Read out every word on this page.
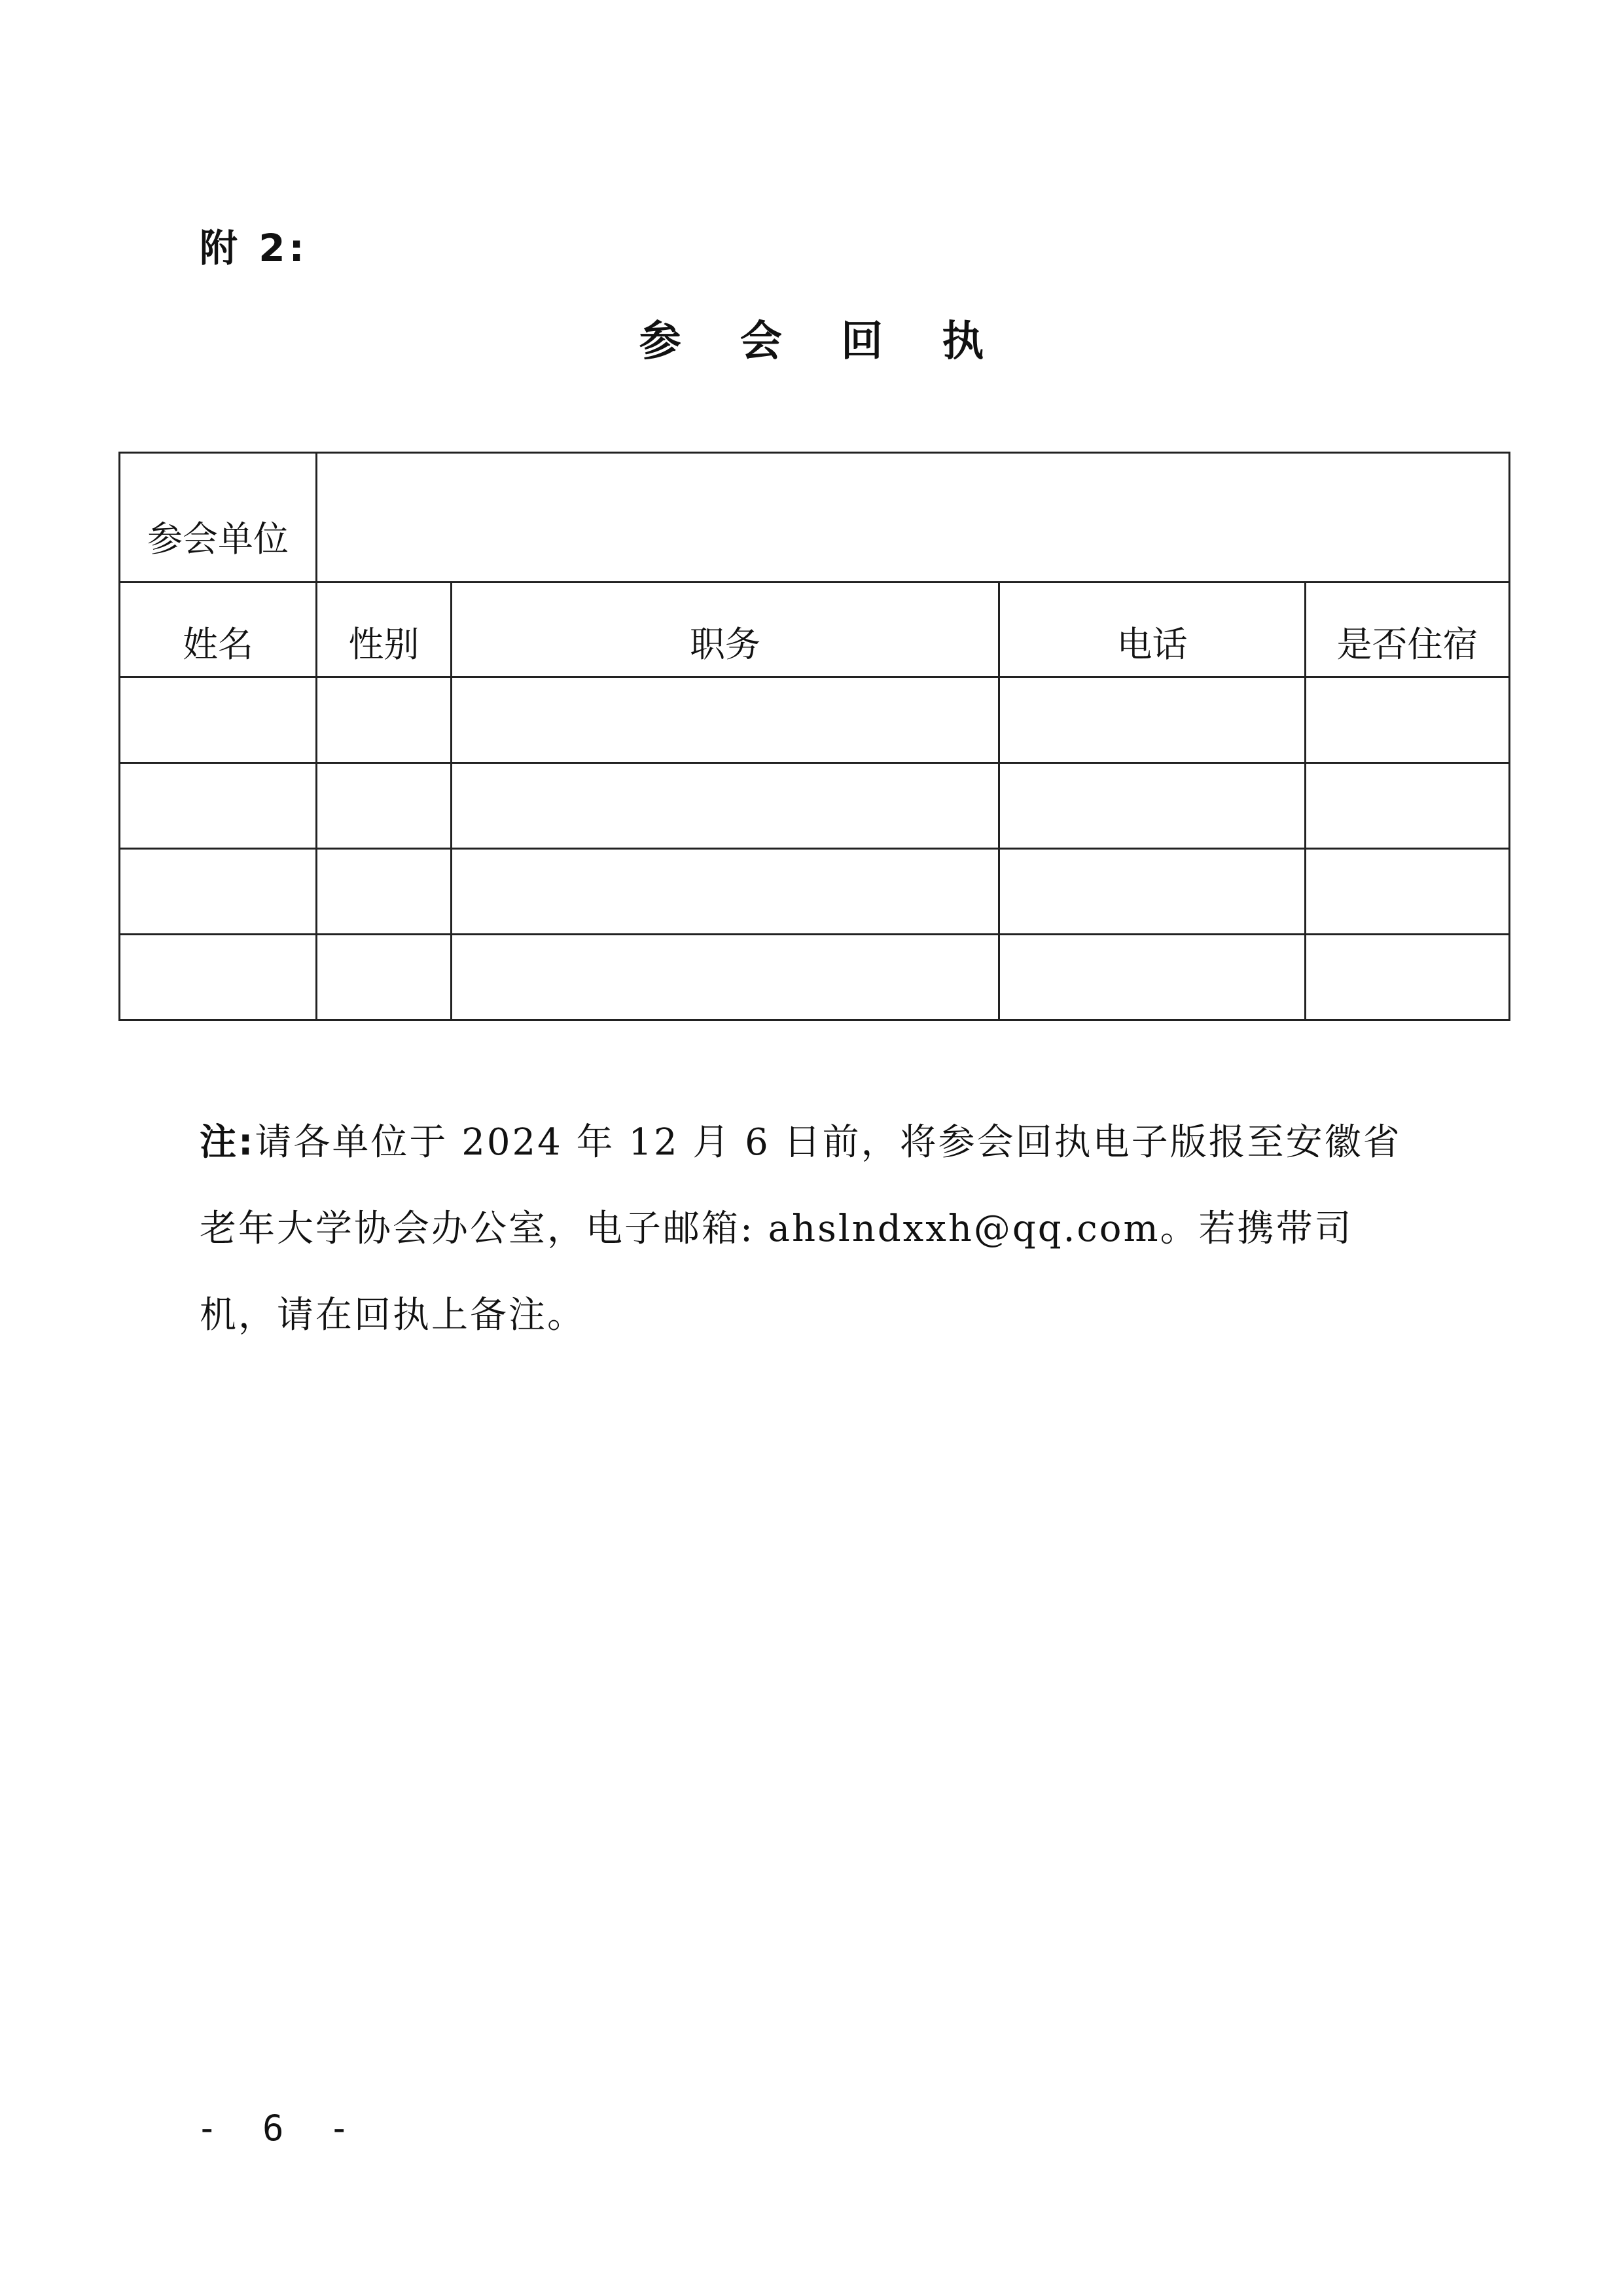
附 2:
参 会 回 执
参会单位				
姓名	性别	职务	电话	是否住宿

注:请各单位于 2024 年 12 月 6 日前，将参会回执电子版报至安徽省老年大学协会办公室，电子邮箱: ahslndxxh@qq.com。若携带司机，请在回执上备注。
- 6 -
